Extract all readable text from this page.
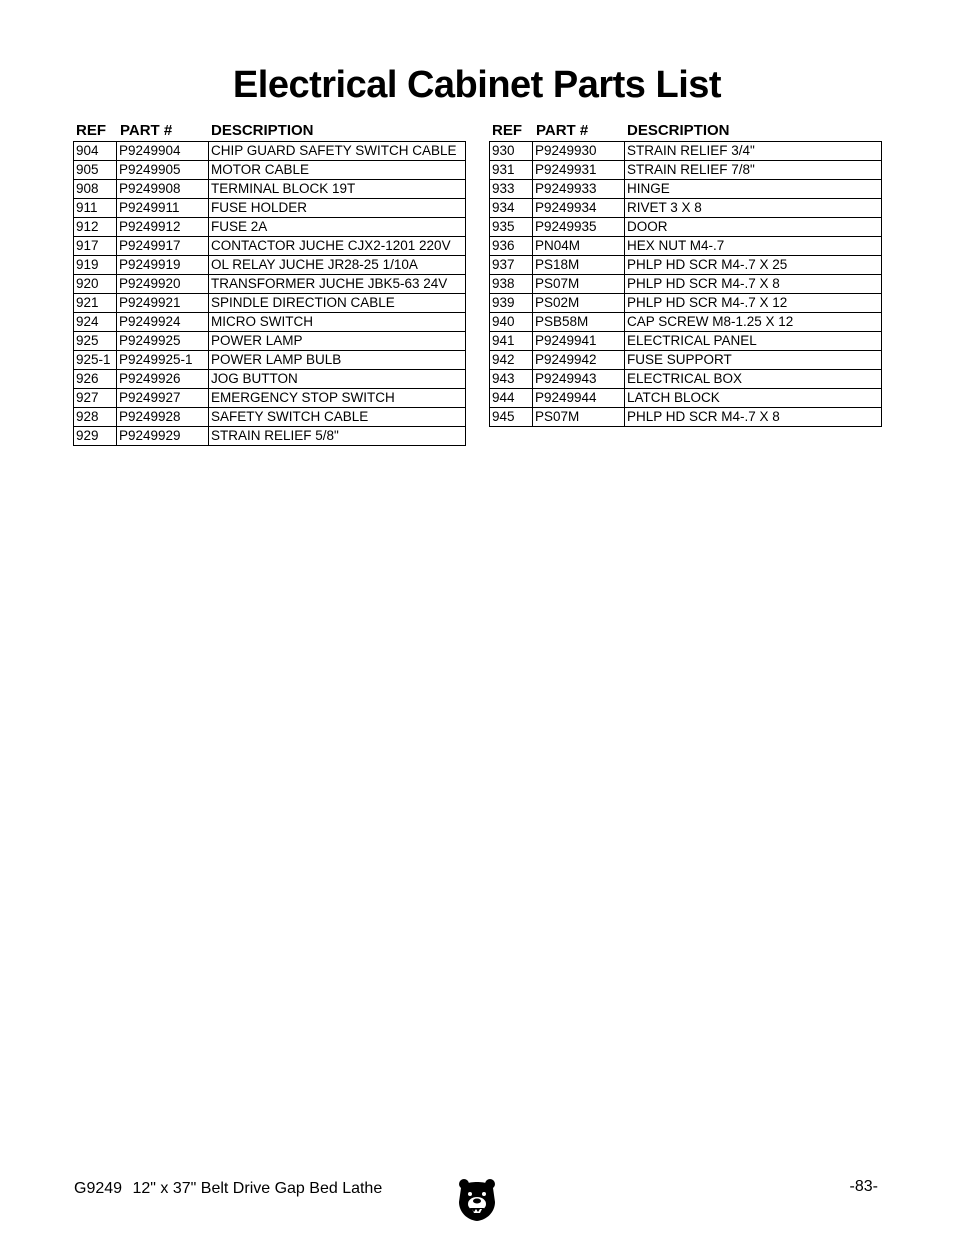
Electrical Cabinet Parts List
REF PART #	DESCRIPTION
904	P9249904	CHIP GUARD SAFETY SWITCH CABLE
905	P9249905	MOTOR CABLE
908	P9249908	TERMINAL BLOCK 19T
911	P9249911	FUSE HOLDER
912	P9249912	FUSE 2A
917	P9249917	CONTACTOR JUCHE CJX2-1201 220V
919	P9249919	OL RELAY JUCHE JR28-25 1/10A
920	P9249920	TRANSFORMER JUCHE JBK5-63 24V
921	P9249921	SPINDLE DIRECTION CABLE
924	P9249924	MICRO SWITCH
925	P9249925	POWER LAMP
925-1	P9249925-1	POWER LAMP BULB
926	P9249926	JOG BUTTON
927	P9249927	EMERGENCY STOP SWITCH
928	P9249928	SAFETY SWITCH CABLE
929	P9249929	STRAIN RELIEF 5/8"
REF PART #	DESCRIPTION
930	P9249930	STRAIN RELIEF 3/4"
931	P9249931	STRAIN RELIEF 7/8"
933	P9249933	HINGE
934	P9249934	RIVET 3 X 8
935	P9249935	DOOR
936	PN04M	HEX NUT M4-.7
937	PS18M	PHLP HD SCR M4-.7 X 25
938	PS07M	PHLP HD SCR M4-.7 X 8
939	PS02M	PHLP HD SCR M4-.7 X 12
940	PSB58M	CAP SCREW M8-1.25 X 12
941	P9249941	ELECTRICAL PANEL
942	P9249942	FUSE SUPPORT
943	P9249943	ELECTRICAL BOX
944	P9249944	LATCH BLOCK
945	PS07M	PHLP HD SCR M4-.7 X 8
G9249 12" x 37" Belt Drive Gap Bed Lathe	-83-
